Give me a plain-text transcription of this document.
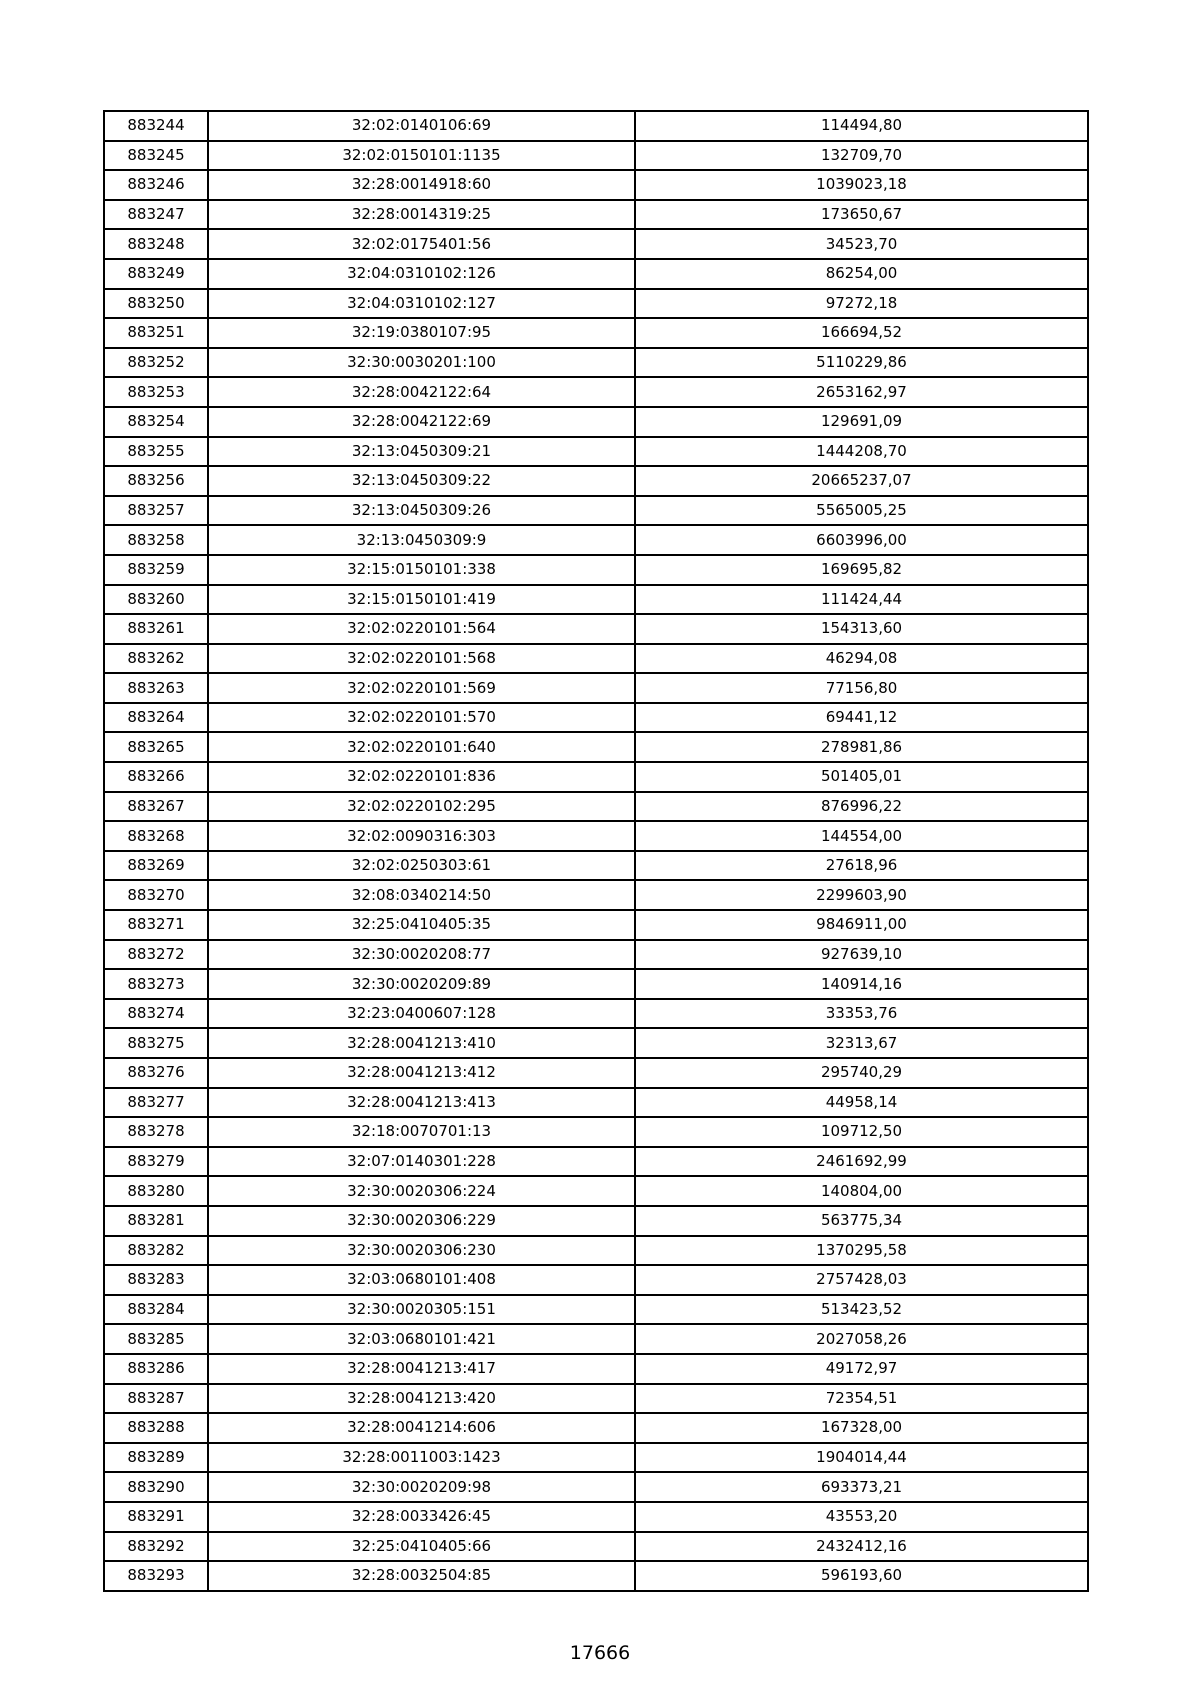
883244	32:02:0140106:69	114494,80
883245	32:02:0150101:1135	132709,70
883246	32:28:0014918:60	1039023,18
883247	32:28:0014319:25	173650,67
883248	32:02:0175401:56	34523,70
883249	32:04:0310102:126	86254,00
883250	32:04:0310102:127	97272,18
883251	32:19:0380107:95	166694,52
883252	32:30:0030201:100	5110229,86
883253	32:28:0042122:64	2653162,97
883254	32:28:0042122:69	129691,09
883255	32:13:0450309:21	1444208,70
883256	32:13:0450309:22	20665237,07
883257	32:13:0450309:26	5565005,25
883258	32:13:0450309:9	6603996,00
883259	32:15:0150101:338	169695,82
883260	32:15:0150101:419	111424,44
883261	32:02:0220101:564	154313,60
883262	32:02:0220101:568	46294,08
883263	32:02:0220101:569	77156,80
883264	32:02:0220101:570	69441,12
883265	32:02:0220101:640	278981,86
883266	32:02:0220101:836	501405,01
883267	32:02:0220102:295	876996,22
883268	32:02:0090316:303	144554,00
883269	32:02:0250303:61	27618,96
883270	32:08:0340214:50	2299603,90
883271	32:25:0410405:35	9846911,00
883272	32:30:0020208:77	927639,10
883273	32:30:0020209:89	140914,16
883274	32:23:0400607:128	33353,76
883275	32:28:0041213:410	32313,67
883276	32:28:0041213:412	295740,29
883277	32:28:0041213:413	44958,14
883278	32:18:0070701:13	109712,50
883279	32:07:0140301:228	2461692,99
883280	32:30:0020306:224	140804,00
883281	32:30:0020306:229	563775,34
883282	32:30:0020306:230	1370295,58
883283	32:03:0680101:408	2757428,03
883284	32:30:0020305:151	513423,52
883285	32:03:0680101:421	2027058,26
883286	32:28:0041213:417	49172,97
883287	32:28:0041213:420	72354,51
883288	32:28:0041214:606	167328,00
883289	32:28:0011003:1423	1904014,44
883290	32:30:0020209:98	693373,21
883291	32:28:0033426:45	43553,20
883292	32:25:0410405:66	2432412,16
883293	32:28:0032504:85	596193,60
17666
